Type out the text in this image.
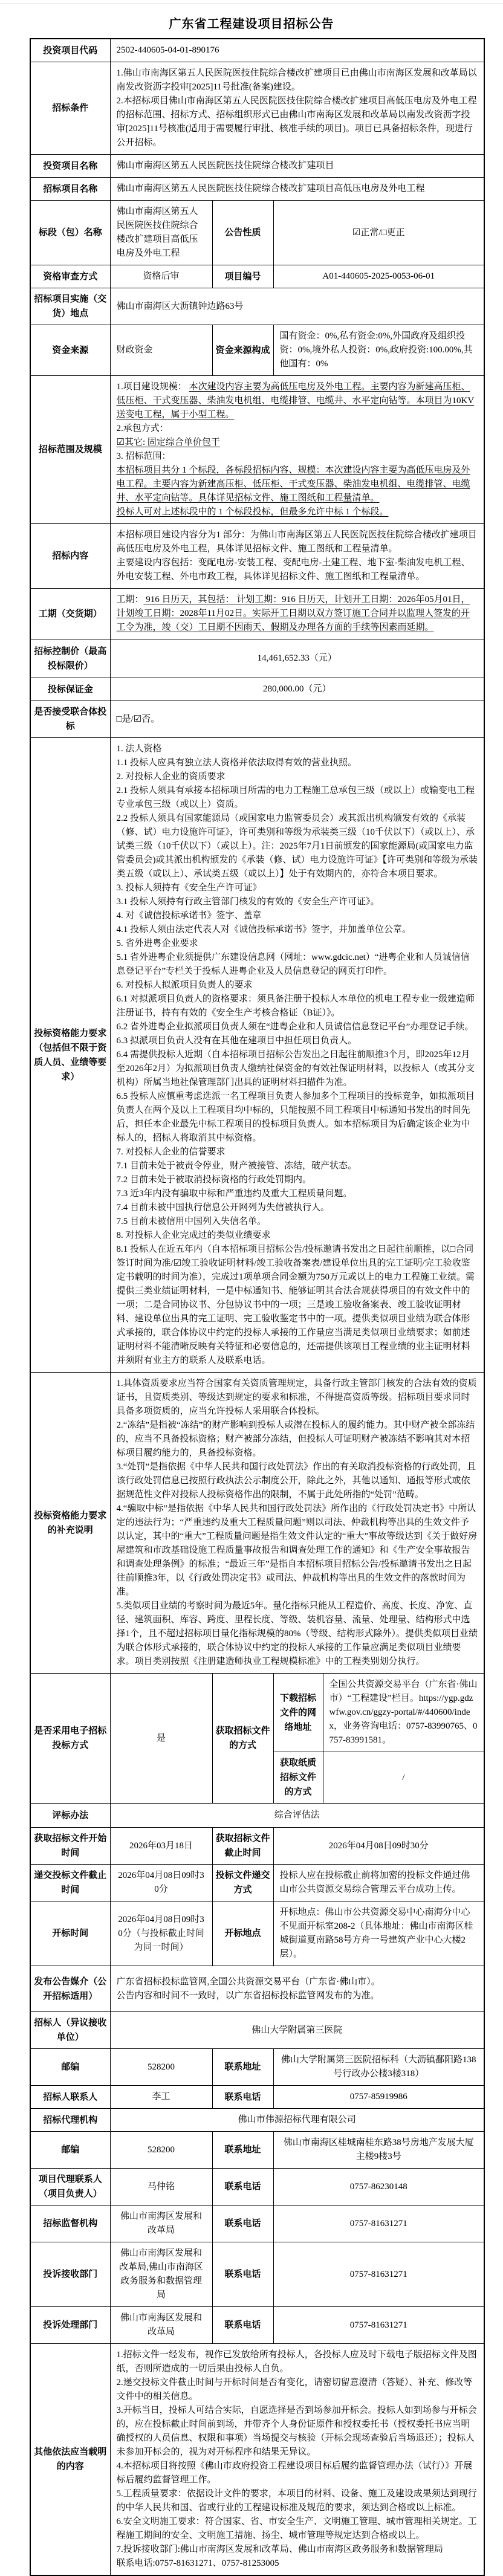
广东省工程建设项目招标公告
投资项目代码	2502-440605-04-01-890176			

招标条件	1.佛山市南海区第五人民医院医技住院综合楼改扩建项目已由佛山市南海区发展和改革局以南发改资沥字投审[2025]11号批准(备案)建设。
2.本招标项目佛山市南海区第五人民医院医技住院综合楼改扩建项目高低压电房及外电工程的招标范围、招标方式、招标组织形式已由佛山市南海区发展和改革局以南发改资沥字投审[2025]11号核准(适用于需要履行审批、核准手续的项目)。项目已具备招标条件，现进行公开招标。			

投资项目名称	佛山市南海区第五人民医院医技住院综合楼改扩建项目			

招标项目名称	佛山市南海区第五人民医院医技住院综合楼改扩建项目高低压电房及外电工程			

标段（包）名称	佛山市南海区第五人民医院医技住院综合楼改扩建项目高低压电房及外电工程	公告性质	☑正常/□更正	

资格审查方式	资格后审	项目编号	A01-440605-2025-0053-06-01	

招标项目实施（交货）地点	佛山市南海区大沥镇钟边路63号			

资金来源	财政资金	资金来源构成	国有资金：0%,私有资金:0%,外国政府及组织投资：0%,境外私人投资：0%,政府投资:100.00%,其他国有：0%	

招标范围及规模

1.项目建设规模： 本次建设内容主要为高低压电房及外电工程。主要内容为新建高压柜、低压柜、干式变压器、柴油发电机组、电缆排管、电缆井、水平定向钻等。本项目为10KV送变电工程，属于小型工程。
2.承包方式：
☑其它: 固定综合单价包干
3. 招标范围：
本招标项目共分 1 个标段，各标段招标内容、规模：本次建设内容主要为高低压电房及外电工程。主要内容为新建高压柜、低压柜、干式变压器、柴油发电机组、电缆排管、电缆井、水平定向钻等。具体详见招标文件、施工图纸和工程量清单。
投标人可对上述标段中的 1 个标段投标，但最多允许中标 1 个标段。

招标内容	本招标项目建设内容分为1 部分：为佛山市南海区第五人民医院医技住院综合楼改扩建项目高低压电房及外电工程，具体详见招标文件、施工图纸和工程量清单。
主要建设内容包括：变配电房-安装工程、变配电房-土建工程、地下室-柴油发电机工程、外电安装工程、外电市政工程，具体详见招标文件、施工图纸和工程量清单。			

工期（交货期）	工期： 916 日历天，其包括： 计划工期：916 日历天，计划开工日期：2026年05月01日，计划竣工日期：2028年11月02日。实际开工日期以双方签订施工合同并以监理人签发的开工令为准，竣（交）工日期不因雨天、假期及办理各方面的手续等因素而延期。			

招标控制价（最高投标限价）	14,461,652.33（元）			

投标保证金	280,000.00（元）			

是否接受联合体投标	□是/☑否。			

投标资格能力要求（包括但不限于资质人员、业绩等要求）

1. 法人资格
1.1 投标人应具有独立法人资格并依法取得有效的营业执照。
2. 对投标人企业的资质要求
2.1 投标人须具有承接本招标项目所需的电力工程施工总承包三级（或以上）或输变电工程专业承包三级（或以上）资质。
2.2 投标人须具有国家能源局（或国家电力监管委员会）或其派出机构颁发有效的《承装（修、试）电力设施许可证》，许可类别和等级为承装类三级（10千伏以下）（或以上）、承试类三级（10千伏以下）（或以上）。注：2025年7月1日前颁发的国家能源局(或国家电力监管委员会)或其派出机构颁发的《承装（修、试）电力设施许可证》【许可类别和等级为承装类五级（或以上）、承试类五级（或以上）】处于有效期内的，亦符合本项目要求。
3. 投标人须持有《安全生产许可证》
3.1 投标人须持有行政主管部门核发的有效的《安全生产许可证》。
4. 对《诚信投标承诺书》签字、盖章
4.1 投标人须由法定代表人对《诚信投标承诺书》签字，并加盖单位公章。
5. 省外进粤企业要求
5.1 省外进粤企业须提供广东建设信息网（网址：www.gdcic.net）“进粤企业和人员诚信信息登记平台”专栏关于投标人进粤企业及人员信息登记的网页打印件。
6. 对投标人拟派项目负责人的要求
6.1 对拟派项目负责人的资格要求：须具备注册于投标人本单位的机电工程专业一级建造师注册证书，持有有效的《安全生产考核合格证（B证）》。
6.2 省外进粤企业拟派项目负责人须在“进粤企业和人员诚信信息登记平台”办理登记手续。
6.3 拟派项目负责人没有在其他在建项目中担任项目负责人。
6.4 需提供投标人近期（自本招标项目招标公告发出之日起往前顺推3个月，即2025年12月至2026年2月）为拟派项目负责人缴纳社保资金的有效社保证明材料，以投标人（或其分支机构）所属当地社保管理部门出具的证明材料扫描件为准。
6.5 投标人应慎重考虑选派一名工程项目负责人参加多个工程项目的投标竞争，如拟派项目负责人在两个及以上工程项目均中标的，只能按照不同工程项目中标通知书发出的时间先后，担任本企业最先中标工程项目的投标项目负责人。如本招标项目为后确定该企业为中标人的，招标人将取消其中标资格。
7. 对投标人企业的信誉要求
7.1 目前未处于被责令停业，财产被接管、冻结，破产状态。
7.2 目前未处于被取消投标资格的行政处罚期内。
7.3 近3年内没有骗取中标和严重违约及重大工程质量问题。
7.4 目前未被中国执行信息公开网列为失信被执行人。
7.5 目前未被信用中国列入失信名单。
8. 对投标人企业完成过的类似业绩要求
8.1 投标人在近五年内（自本招标项目招标公告/投标邀请书发出之日起往前顺推，以□合同签订时间为准/☑竣工验收证明材料/竣工验收备案表/建设单位出具的完工证明/完工验收鉴定书载明的时间为准），完成过1项单项合同金额为750万元或以上的电力工程施工业绩。需提供三类业绩证明材料，一是中标通知书、能够证明其合法合规获得项目的有效文件中的一项；二是合同协议书、分包协议书中的一项；三是竣工验收备案表、竣工验收证明材料、建设单位出具的完工证明、完工验收鉴定书中的一项。提供类似项目业绩为联合体形式承接的，联合体协议中约定的投标人承接的工作量应当满足类似项目业绩要求；如前述证明材料不能清晰反映有关特征和必要信息的，还需提供该项目工程业绩的业主证明材料并须附有业主方的联系人及联系电话。

投标资格能力要求的补充说明	1.具体资质要求应当符合国家有关资质管理规定，具备行政主管部门核发的合法有效的资质证书，且资质类别、等级达到规定的要求和标准，不得提高资质等级。招标项目要求同时具备多项资质的，应当允许投标人采用联合体投标。
2.“冻结”是指被“冻结”的财产影响到投标人或潜在投标人的履约能力。其中财产被全部冻结的，应当不具备投标资格；财产被部分冻结，但投标人可证明财产被冻结不影响其对本招标项目履约能力的，具备投标资格。
3.“处罚”是指依据《中华人民共和国行政处罚法》作出的有关取消投标资格的行政处罚，且该行政处罚信息已按照行政执法公示制度公开，除此之外，其他以通知、通报等形式或依据规范性文件对投标人投标资格作出的限制，不属于此处所指的“处罚”范畴。
4.“骗取中标”是指依据《中华人民共和国行政处罚法》所作出的《行政处罚决定书》中所认定的违法行为；“严重违约及重大工程质量问题”则以司法、仲裁机构等出具的生效文件予以认定，其中的“重大”工程质量问题是指生效文件认定的“重大”事故等级达到《关于做好房屋建筑和市政基础设施工程质量事故报告和调查处理工作的通知》和《生产安全事故报告和调查处理条例》的标准；“最近三年”是指自本招标项目招标公告/投标邀请书发出之日起往前顺推3年，以《行政处罚决定书》或司法、仲裁机构等出具的生效文件的落款时间为准。
5.类似项目业绩的考察时间为最近5年。量化指标只能从工程造价、高度、长度、净宽、直径、建筑面积、库容、跨度、里程长度、等级、装机容量、流量、处理量、结构形式中选择1个，且不超过招标项目量化指标规模的80%（等级、结构形式除外）。提供类似项目业绩为联合体形式承接的，联合体协议中约定的投标人承接的工作量应满足类似项目业绩要求。项目类别按照《注册建造师执业工程规模标准》中的工程类别划分执行。			

是否采用电子招标投标方式	是	获取招标文件的方式	下载招标文件的网络地址	全国公共资源交易平台（广东省·佛山市）“工程建设”栏目。https://ygp.gdzwfw.gov.cn/ggzy-portal/#/440600/index，业务咨询电话：0757-83990765、0757-83991581。

			获取纸质招标文件的方式	/

评标办法	综合评估法			

获取招标文件开始时间	2026年03月18日	获取招标文件截止时间	2026年04月08日09时30分	

递交投标文件截止时间	2026年04月08日09时30分	投标文件递交方式	投标人应在投标截止前将加密的投标文件通过佛山市公共资源交易综合管理云平台成功上传。	

开标时间	2026年04月08日09时30分（与投标截止时间为同一时间）	开标地点	开标地点：佛山市公共资源交易中心南海分中心不见面开标室208-2（具体地址：佛山市南海区桂城街道夏南路58号方舟一号建筑产业中心大楼2层）。	

发布公告媒介（公开招标适用）	广东省招标投标监管网,全国公共资源交易平台（广东省·佛山市）。
公告内容和时间不一致时，以广东省招标投标监管网发布的为准。			

招标人（异议接收单位）	佛山大学附属第三医院			

邮编	528200	联系地址	佛山大学附属第三医院招标科（大沥镇鄱阳路138号行政办公楼3楼318）	

招标人联系人	李工	联系电话	0757-85919986	

招标代理机构	佛山市伟源招标代理有限公司			

邮编	528200	联系地址	佛山市南海区桂城南桂东路38号房地产发展大厦主楼9楼3号	

项目代理联系人（项目负责人）	马仲铭	联系电话	0757-86230148	

招标监督机构	佛山市南海区发展和改革局	联系电话	0757-81631271	

投诉接收部门	佛山市南海区发展和改革局,佛山市南海区政务服务和数据管理局	联系电话	0757-81631271	

投诉处理部门	佛山市南海区发展和改革局	联系电话	0757-81631271	

其他依法应当载明的内容

1.招标文件一经发布，视作已发放给所有投标人，各投标人应及时下载电子版招标文件及图纸，否则所造成的一切后果由投标人自负。
2.递交投标文件截止时间与开标时间是否有变化，请密切留意澄清（答疑）、补充、修改等文件中的相关信息。
3.开标当日，投标人可结合实际，自愿选择是否到场参加开标会。投标人如到场参与开标会的，应在投标截止时间前到场，并带齐个人身份证原件和授权委托书（授权委托书应当明确授权的人员信息、权限和事项）当场提交与核验（开标会现场查验后当场退还）；投标人未参加开标会的，视为对开标程序和结果无异议。
4.本招标项目将按照《佛山市政府投资工程建设项目标后履约监督管理办法（试行）》开展标后履约监督管理工作。
5.工程质量要求：依据设计文件的要求，本项目的材料、设备、施工及建设成果须达到现行的中华人民共和国、省或行业的工程建设标准及规范的要求，须达到合格或以上标准。
6.安全文明施工要求：符合国家、省、市安全生产、文明施工管理、城市管理相关规定。工程施工期间的安全、文明施工措施、扬尘、城市管理等规定达到合格或以上。
7.投诉接收部门:佛山市南海区发展和改革局、佛山市南海区政务服务和数据管理局
联系电话:0757-81631271、0757-81253005
